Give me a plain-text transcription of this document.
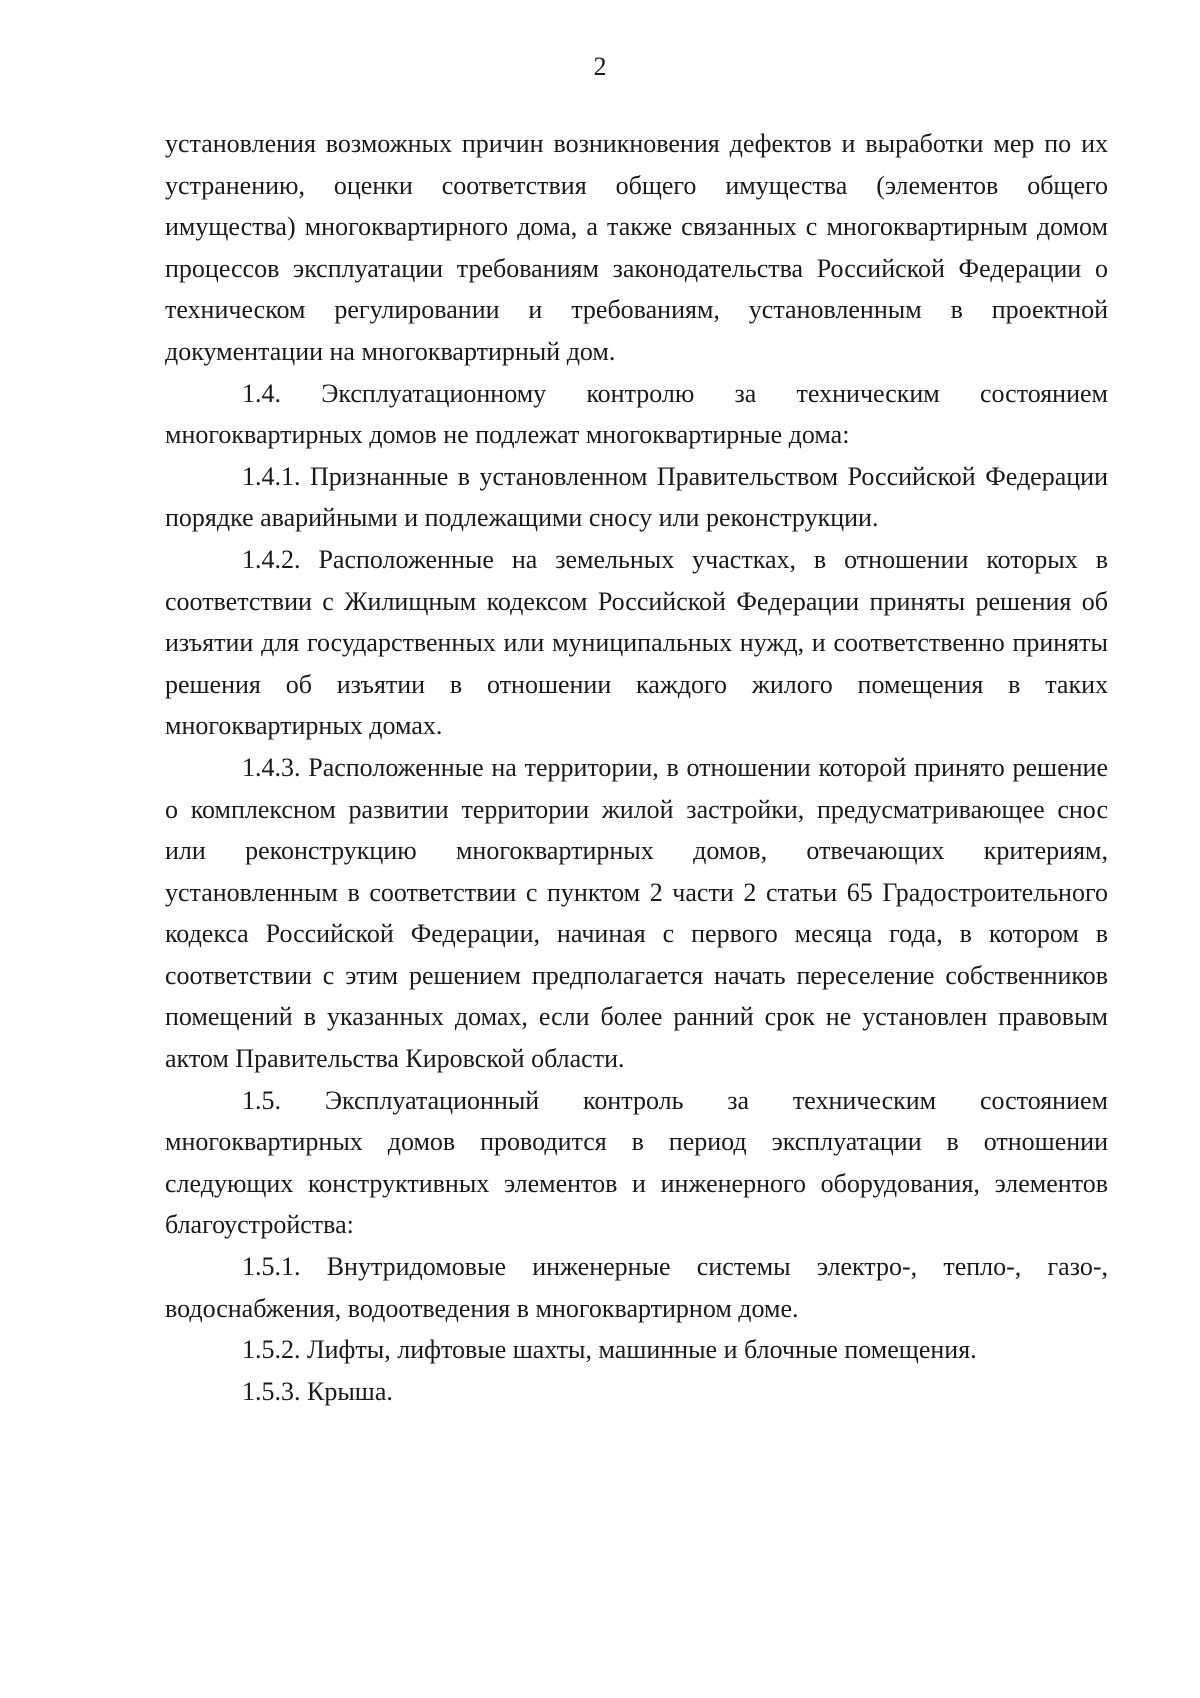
2

установления возможных причин возникновения дефектов и выработки мер по их устранению, оценки соответствия общего имущества (элементов общего имущества) многоквартирного дома, а также связанных с многоквартирным домом процессов эксплуатации требованиям законодательства Российской Федерации о техническом регулировании и требованиям, установленным в проектной документации на многоквартирный дом.

1.4. Эксплуатационному контролю за техническим состоянием многоквартирных домов не подлежат многоквартирные дома:

1.4.1. Признанные в установленном Правительством Российской Федерации порядке аварийными и подлежащими сносу или реконструкции.

1.4.2. Расположенные на земельных участках, в отношении которых в соответствии с Жилищным кодексом Российской Федерации приняты решения об изъятии для государственных или муниципальных нужд, и соответственно приняты решения об изъятии в отношении каждого жилого помещения в таких многоквартирных домах.

1.4.3. Расположенные на территории, в отношении которой принято решение о комплексном развитии территории жилой застройки, предусматривающее снос или реконструкцию многоквартирных домов, отвечающих критериям, установленным в соответствии с пунктом 2 части 2 статьи 65 Градостроительного кодекса Российской Федерации, начиная с первого месяца года, в котором в соответствии с этим решением предполагается начать переселение собственников помещений в указанных домах, если более ранний срок не установлен правовым актом Правительства Кировской области.

1.5. Эксплуатационный контроль за техническим состоянием многоквартирных домов проводится в период эксплуатации в отношении следующих конструктивных элементов и инженерного оборудования, элементов благоустройства:

1.5.1. Внутридомовые инженерные системы электро-, тепло-, газо-, водоснабжения, водоотведения в многоквартирном доме.

1.5.2. Лифты, лифтовые шахты, машинные и блочные помещения.

1.5.3. Крыша.
